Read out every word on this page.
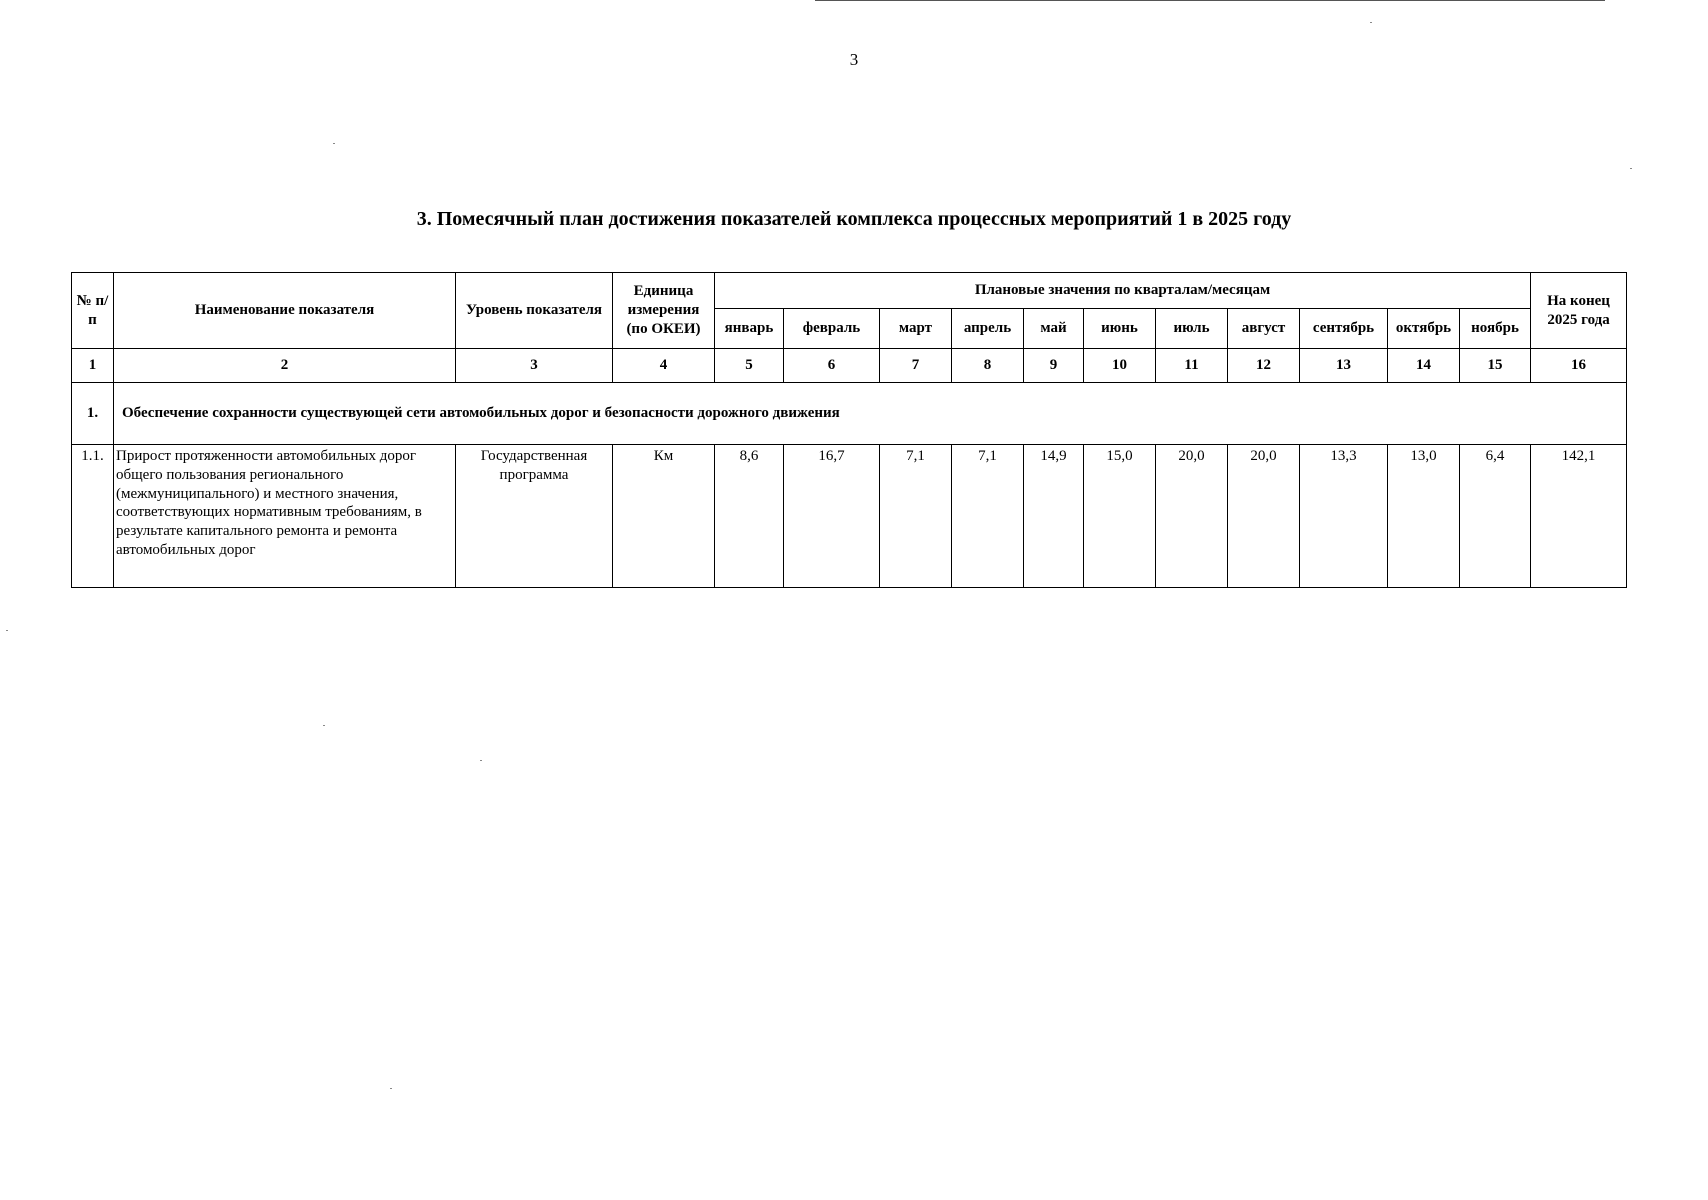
3
3. Помесячный план достижения показателей комплекса процессных мероприятий 1 в 2025 году
№ п/п	Наименование показателя	Уровень показателя	Единица измерения (по ОКЕИ)	Плановые значения по кварталам/месяцам											На конец 2025 года
				январь	февраль	март	апрель	май	июнь	июль	август	сентябрь	октябрь	ноябрь	
1	2	3	4	5	6	7	8	9	10	11	12	13	14	15	16
1.	Обеспечение сохранности существующей сети автомобильных дорог и безопасности дорожного движения														
1.1.	Прирост протяженности автомобильных дорог общего пользования регионального (межмуниципального) и местного значения, соответствующих нормативным требованиям, в результате капитального ремонта и ремонта автомобильных дорог	Государственная программа	Км	8,6	16,7	7,1	7,1	14,9	15,0	20,0	20,0	13,3	13,0	6,4	142,1
